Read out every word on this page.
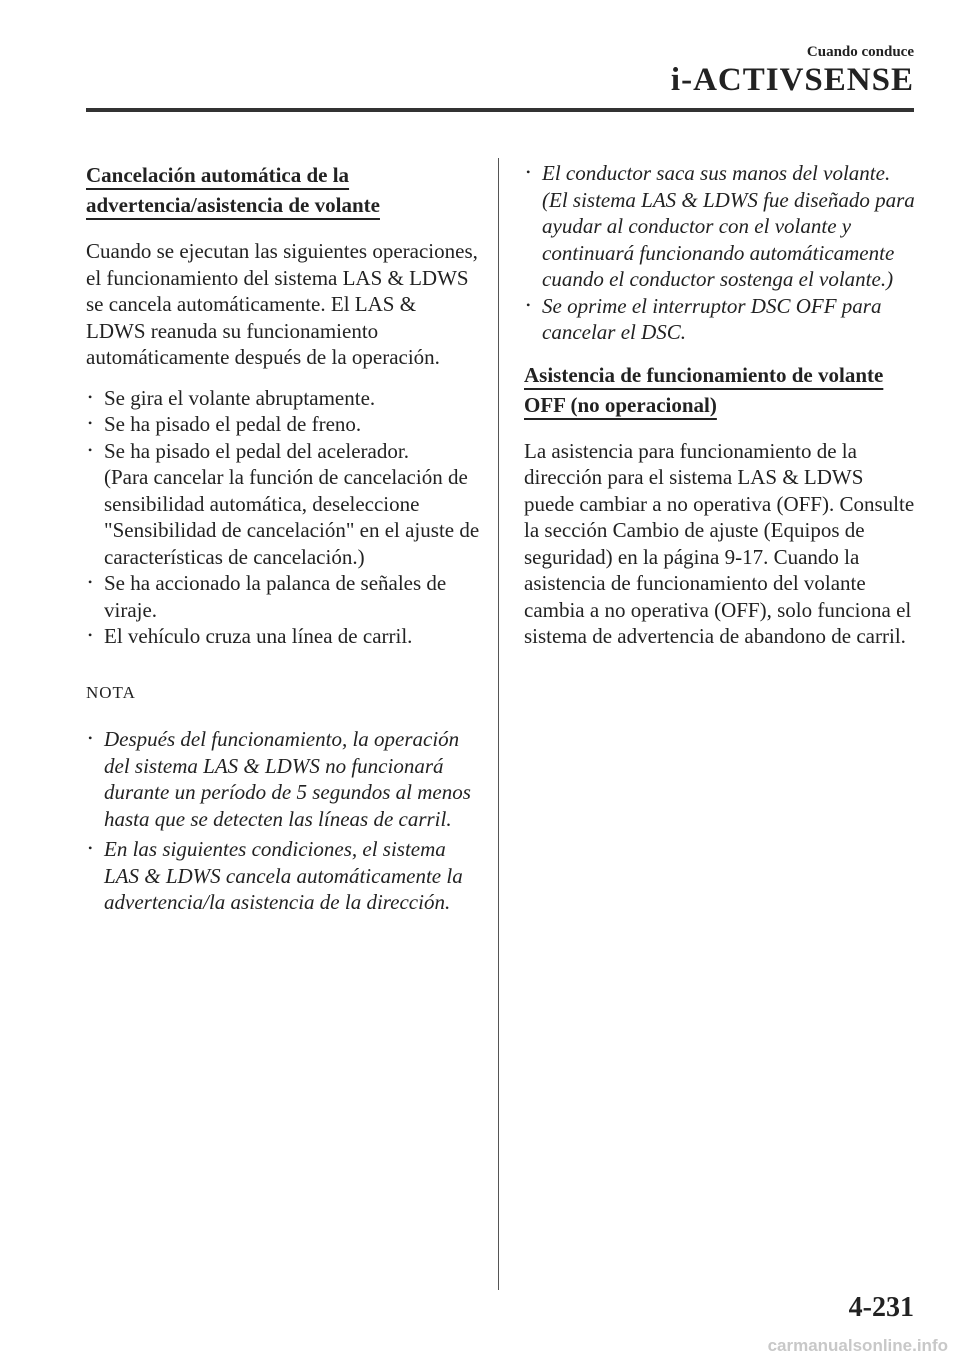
Cuando conduce
i-ACTIVSENSE
Cancelación automática de la
advertencia/asistencia de volante

Cuando se ejecutan las siguientes operaciones, el funcionamiento del sistema LAS & LDWS se cancela automáticamente. El LAS & LDWS reanuda su funcionamiento automáticamente después de la operación.

• Se gira el volante abruptamente.
• Se ha pisado el pedal de freno.
• Se ha pisado el pedal del acelerador.
(Para cancelar la función de cancelación de sensibilidad automática, deseleccione "Sensibilidad de cancelación" en el ajuste de características de cancelación.)
• Se ha accionado la palanca de señales de viraje.
• El vehículo cruza una línea de carril.
NOTA
• Después del funcionamiento, la operación del sistema LAS & LDWS no funcionará durante un período de 5 segundos al menos hasta que se detecten las líneas de carril.
• En las siguientes condiciones, el sistema LAS & LDWS cancela automáticamente la advertencia/la asistencia de la dirección.
• El conductor saca sus manos del volante.
(El sistema LAS & LDWS fue diseñado para ayudar al conductor con el volante y continuará funcionando automáticamente cuando el conductor sostenga el volante.)
• Se oprime el interruptor DSC OFF para cancelar el DSC.
Asistencia de funcionamiento de volante
OFF (no operacional)

La asistencia para funcionamiento de la dirección para el sistema LAS & LDWS puede cambiar a no operativa (OFF). Consulte la sección Cambio de ajuste (Equipos de seguridad) en la página 9-17. Cuando la asistencia de funcionamiento del volante cambia a no operativa (OFF), solo funciona el sistema de advertencia de abandono de carril.

4-231
carmanualsonline.info
